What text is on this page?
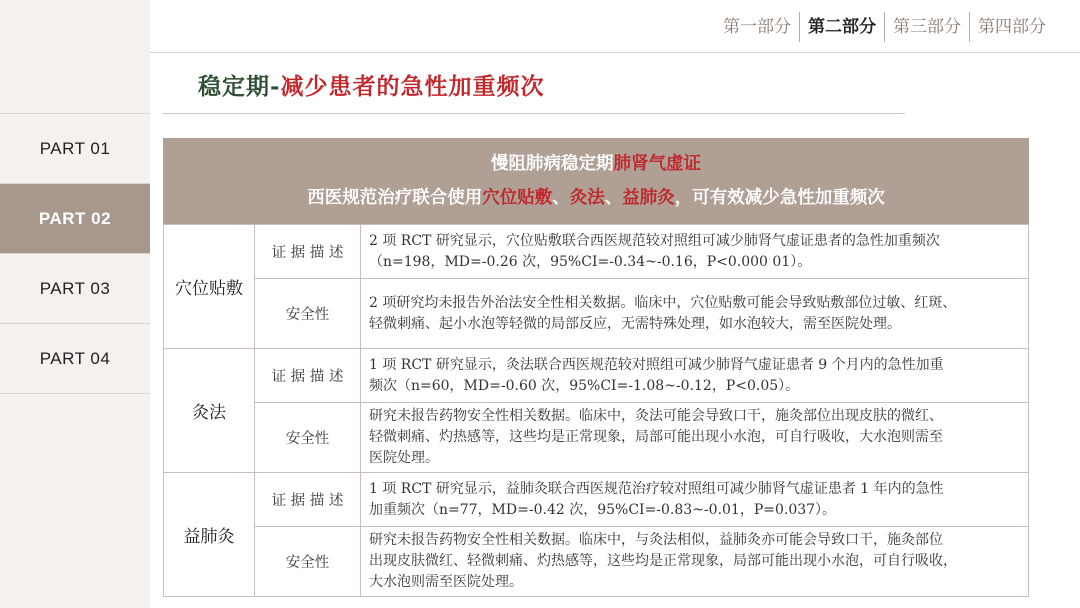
PART 01
PART 02
PART 03
PART 04
第一部分	第二部分	第三部分	第四部分
稳定期-减少患者的急性加重频次
慢阻肺病稳定期肺肾气虚证
西医规范治疗联合使用穴位贴敷、灸法、益肺灸，可有效减少急性加重频次
穴位贴敷	证 据 描 述	2 项 RCT 研究显示，穴位贴敷联合西医规范较对照组可减少肺肾气虚证患者的急性加重频次
（n=198，MD=-0.26 次，95%CI=-0.34~-0.16，P<0.000 01）。

	安全性	2 项研究均未报告外治法安全性相关数据。临床中，穴位贴敷可能会导致贴敷部位过敏、红斑、
轻微刺痛、起小水泡等轻微的局部反应，无需特殊处理，如水泡较大，需至医院处理。

灸法	证 据 描 述	1 项 RCT 研究显示，灸法联合西医规范较对照组可减少肺肾气虚证患者 9 个月内的急性加重
频次（n=60，MD=-0.60 次，95%CI=-1.08~-0.12，P<0.05）。

	安全性	研究未报告药物安全性相关数据。临床中，灸法可能会导致口干，施灸部位出现皮肤的微红、
轻微刺痛、灼热感等，这些均是正常现象，局部可能出现小水泡，可自行吸收，大水泡则需至
医院处理。

益肺灸	证 据 描 述	1 项 RCT 研究显示，益肺灸联合西医规范治疗较对照组可减少肺肾气虚证患者 1 年内的急性
加重频次（n=77，MD=-0.42 次，95%CI=-0.83~-0.01，P=0.037）。

	安全性	研究未报告药物安全性相关数据。临床中，与灸法相似，益肺灸亦可能会导致口干，施灸部位
出现皮肤微红、轻微刺痛、灼热感等，这些均是正常现象，局部可能出现小水泡，可自行吸收，
大水泡则需至医院处理。
